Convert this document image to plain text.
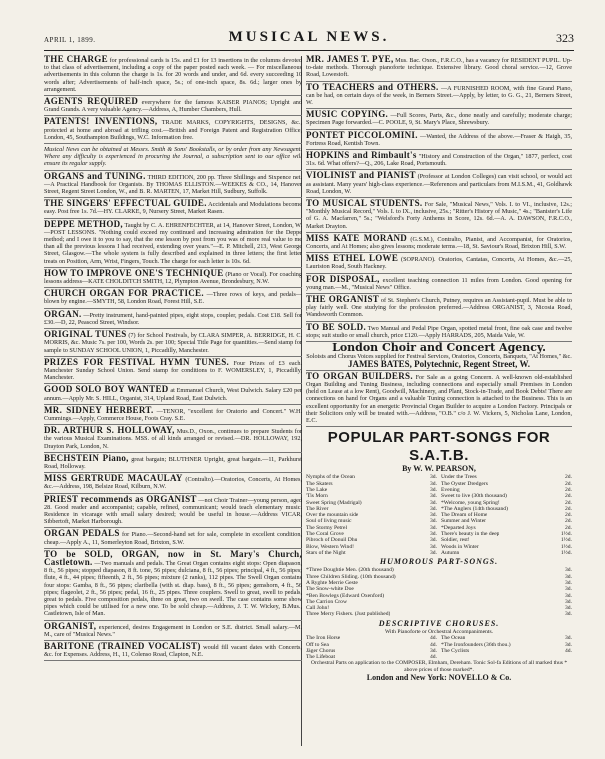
APRIL 1, 1899.	MUSICAL NEWS.	323
THE CHARGE for professional cards is 15s. and £1 for 13 insertions in the columns devoted to that class of advertisement, including a copy of the paper posted each week. — For miscellaneous advertisements in this column the charge is 1s. for 20 words and under, and 6d. every succeeding 10 words after; Advertisements of half-inch space, 5s.; of one-inch space, 8s. 6d.; larger ones by arrangement.
AGENTS REQUIRED everywhere for the famous KAISER PIANOS; Upright and Grand Grands. A very valuable Agency.—Address, A, Humber Chambers, Hull.
PATENTS! INVENTIONS, TRADE MARKS, COPYRIGHTS, DESIGNS, &c., protected at home and abroad at trifling cost.—British and Foreign Patent and Registration Office, London, 45, Southampton Buildings, W.C. Information free.
Musical News can be obtained at Messrs. Smith & Sons' Bookstalls, or by order from any Newsagent. Where any difficulty is experienced in procuring the Journal, a subscription sent to our office will ensure its regular supply.
ORGANS and TUNING. THIRD EDITION, 200 pp. Three Shillings and Sixpence net. —A Practical Handbook for Organists. By THOMAS ELLISTON.—WEEKES & CO., 14, Hanover Street, Regent Street London, W., and B. R. MARTEN, 17, Market Hill, Sudbury, Suffolk.
THE SINGERS' EFFECTUAL GUIDE. Accidentals and Modulations become easy. Post free 1s. 7d.—HY. CLARKE, 9, Nursery Street, Market Rasen.
DEPPE METHOD, Taught by C. A. EHRENFECHTER, at 14, Hanover Street, London, W.—POST LESSONS. "Nothing could exceed my continued and increasing admiration for the Deppe method; and I owe it to you to say, that the one lesson by post from you was of more real value to me than all the previous lessons I had received, extending over years."—E. P. Mitchell, 213, West George Street, Glasgow.—The whole system is fully described and explained in three letters; the first letter treats on Position, Arm, Wrist, Fingers, Touch. The charge for each letter is 10s. 6d.
HOW TO IMPROVE ONE'S TECHNIQUE (Piano or Vocal). For coaching lessons address—KATE CHOLDITCH SMITH, 12, Plympton Avenue, Brondesbury, N.W.
CHURCH ORGAN FOR PRACTICE. —Three rows of keys, and pedals—blown by engine.—SMYTH, 58, London Road, Forest Hill, S.E.
ORGAN. —Pretty instrument, hand-painted pipes, eight stops, coupler, pedals. Cost £18. Sell for £30.—D, 22, Peascod Street, Windsor.
ORIGINAL TUNES (7) for School Festivals, by CLARA SIMPER, A. BERRIDGE, H. C. MORRIS, &c. Music 7s. per 100, Words 2s. per 100; Special Title Page for quantities.—Send stamp for sample to SUNDAY SCHOOL UNION, 1, Piccadilly, Manchester.
PRIZES FOR FESTIVAL HYMN TUNES. Four Prizes of £3 each. Manchester Sunday School Union. Send stamp for conditions to F. WOMERSLEY, 1, Piccadilly, Manchester.
GOOD SOLO BOY WANTED at Emmanuel Church, West Dulwich. Salary £20 per annum.—Apply Mr. S. HILL, Organist, 314, Upland Road, East Dulwich.
MR. SIDNEY HERBERT. —TENOR, "excellent for Oratorio and Concert." W.H. Cummings.—Apply, Commerce House, Foots Cray. S.E.
DR. ARTHUR S. HOLLOWAY, Mus.D., Oxon., continues to prepare Students for the various Musical Examinations. MSS. of all kinds arranged or revised.—DR. HOLLOWAY, 192, Drayton Park, London, N.
BECHSTEIN Piano, great bargain; BLUTHNER Upright, great bargain.—11, Parkhurst Road, Holloway.
MISS GERTRUDE MACAULAY (Contralto).—Oratorios, Concerts, At Homes, &c.—Address, 198, Belsize Road, Kilburn, N.W.
PRIEST recommends as ORGANIST —not Choir Trainer—young person, aged 28. Good reader and accompanist; capable, refined, communicant; would teach elementary music. Residence in vicarage with small salary desired; would be useful in house.—Address VICAR, Sibbertoft, Market Harborough.
ORGAN PEDALS for Piano.—Second-hand set for sale, complete in excellent condition, cheap.—Apply A., 11, Somerleyton Road, Brixton, S.W.
TO be SOLD, ORGAN, now in St. Mary's Church, Castletown. —Two manuals and pedals. The Great Organ contains eight stops: Open diapason, 8 ft., 56 pipes; stopped diapason, 8 ft. tone, 56 pipes; dulciana, 8 ft., 56 pipes; principal, 4 ft., 56 pipes; flute, 4 ft., 44 pipes; fifteenth, 2 ft., 56 pipes; mixture (2 ranks), 112 pipes. The Swell Organ contains four stops: Gamba, 8 ft., 56 pipes; claribella (with st. diap. bass), 8 ft., 56 pipes; gemshorn, 4 ft., 56 pipes; flageolet, 2 ft., 56 pipes; pedal, 16 ft., 25 pipes. Three couplers. Swell to great, swell to pedals, great to pedals. Five composition pedals, three on great, two on swell. The case contains some show pipes which could be utilised for a new one. To be sold cheap.—Address, J. T. W. Wickey, B.Mus., Castletown, Isle of Man.
ORGANIST, experienced, desires Engagement in London or S.E. district. Small salary.—M. M., care of "Musical News."
BARITONE (TRAINED VOCALIST) would fill vacant dates with Concerts, &c. for Expenses. Address, H., 11, Colenso Road, Clapton, N.E.
MR. JAMES T. PYE, Mus. Bac. Oxon., F.R.C.O., has a vacancy for RESIDENT PUPIL. Up-to-date methods. Thorough pianoforte technique. Extensive library. Good choral service.—12, Grove Road, Lowestoft.
TO TEACHERS and OTHERS. —A FURNISHED ROOM, with fine Grand Piano, can be had, on certain days of the week, in Berners Street.—Apply, by letter, to G. G., 21, Berners Street, W.
MUSIC COPYING. —Full Scores, Parts, &c., done neatly and carefully; moderate charge; Specimen Page forwarded.—C. POOLE, 9, St. Mary's Place, Shrewsbury.
PONTET PICCOLOMINI. —Wanted, the Address of the above.—Fraser & Haigh, 35, Fortress Road, Kentish Town.
HOPKINS and Rimbault's "History and Construction of the Organ," 1877, perfect, cost 31s. 6d. What offers?—Q., 206, Lake Road, Portsmouth.
VIOLINIST and PIANIST (Professor at London Colleges) can visit school, or would act as assistant. Many years' high-class experience.—References and particulars from M.I.S.M., 41, Goldhawk Road, London, W.
TO MUSICAL STUDENTS. For Sale, "Musical News," Vols. I. to VI., inclusive, 12s.; "Monthly Musical Record," Vols. I. to IX., inclusive, 25s.; "Ritter's History of Music," 4s.; "Banister's Life of G. A. Macfarren," 5s.; "Welsford's Forty Anthems in Score, 12s. 6d.—A. A. DAWSON, F.R.C.O., Market Drayton.
MISS KATE MORAND (G.S.M.), Contralto, Pianist, and Accompanist, for Oratorios, Concerts, and At Homes; also gives lessons; moderate terms.—18, St. Saviour's Road, Brixton Hill, S.W.
MISS ETHEL LOWE (SOPRANO). Oratorios, Cantatas, Concerts, At Homes, &c.—25, Lauriston Road, South Hackney.
FOR DISPOSAL, excellent teaching connection 11 miles from London. Good opening for young man.—M., "Musical News" Office.
THE ORGANIST of St. Stephen's Church, Putney, requires an Assistant-pupil. Must be able to play fairly well. One studying for the profession preferred.—Address ORGANIST, 3, Nicosia Road, Wandsworth Common.
TO BE SOLD. Two Manual and Pedal Pipe Organ, spotted metal front, fine oak case and twelve stops; suit studio or small church, price £120.—Apply HARRADS, 205, Maida Vale, W.
London Choir and Concert Agency.
Soloists and Chorus Voices supplied for Festival Services, Oratorios, Concerts, Banquets, "At Homes," &c.
JAMES BATES, Polytechnic, Regent Street, W.
TO ORGAN BUILDERS. For Sale as a going Concern. A well-known old-established Organ Building and Tuning Business, including connections and especially small Premises in London (held on Lease at a low Rent), Goodwill, Machinery, and Plant, Stock-in-Trade, and Book Debts! There are connections on hand for Organs and a valuable Tuning connection is attached to the Business. This is an excellent opportunity for an energetic Provincial Organ Builder to acquire a London Factory. Principals or their Solicitors only will be treated with.—Address, "O.B." c/o J. W. Vickers, 5, Nicholas Lane, London, E.C.
POPULAR PART-SONGS FOR S.A.T.B.
By W. W. PEARSON,
Nymphs of the Ocean	3d.
The Skaters	3d.
The Lake	3d.
'Tis Morn	3d.
Sweet Spring (Madrigal)	3d.
The River	3d.
Over the mountain side	3d.
Soul of living music	3d.
The Stormy Petrel	3d.
The Coral Grove	3d.
Pibroch of Donuil Dhu	3d.
Blow, Western Wind!	3d.
Stars of the Night	3d.
Under the Trees	2d.
The Oyster Dredgers	2d.
Evening	2d.
Sweet to live (30th thousand)	2d.
*Welcome, young Spring!	2d.
*The Anglers (14th thousand)	2d.
The Dream of Home	2d.
Summer and Winter	2d.
*Departed Joys	2d.
There's beauty in the deep	1½d.
Soldier, rest!	1½d.
Woods in Winter	1½d.
Autumn	1½d.
HUMOROUS PART-SONGS.
*Three Doughtie Men. (20th thousand)	3d.
Three Children Sliding. (10th thousand)	3d.
A Ryghte Merrie Geste	3d.
The Snow-white Doe	3d.
*Ben Bowlegs (Edward Oxenford)	3d.
The Carrion Crow	3d.
Call John!	3d.
Three Merry Fishers. (Just published)	3d.
DESCRIPTIVE CHORUSES.
With Pianoforte or Orchestral Accompaniments.
The Iron Horse	4d.
Off to Sea	4d.
Jäger Chorus	3d.
The Lifeboat	4d.
The Ocean	3d.
*The Ironfounders (36th thou.)	3d.
The Cyclists	4d.
Orchestral Parts on application to the COMPOSER, Elmham, Dereham. Tonic Sol-fa Editions of all marked thus * above prices of those marked*.
London and New York: NOVELLO & Co.
